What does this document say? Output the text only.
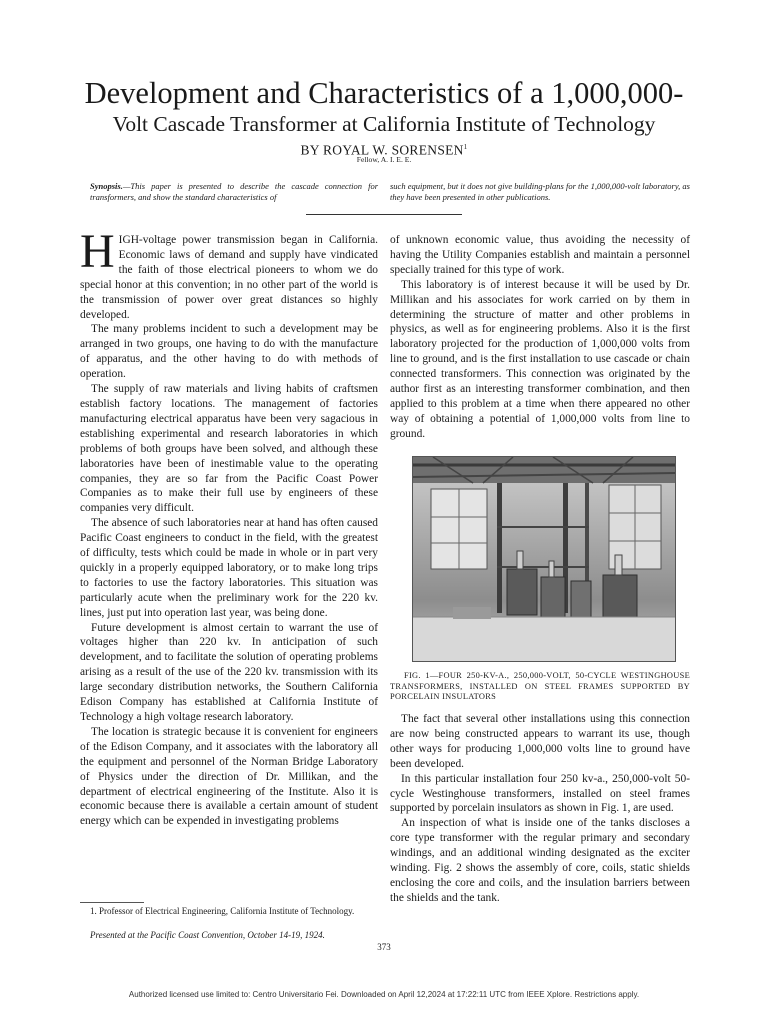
Development and Characteristics of a 1,000,000-
Volt Cascade Transformer at California Institute of Technology
BY ROYAL W. SORENSEN$^1$
Fellow, A. I. E. E.
Synopsis.—This paper is presented to describe the cascade connection for transformers, and show the standard characteristics of
such equipment, but it does not give building-plans for the 1,000,000-volt laboratory, as they have been presented in other publications.

HIGH-voltage power transmission began in California. Economic laws of demand and supply have vindicated the faith of those electrical pioneers to whom we do special honor at this convention; in no other part of the world is the transmission of power over great distances so highly developed.

The many problems incident to such a development may be arranged in two groups, one having to do with the manufacture of apparatus, and the other having to do with methods of operation.

The supply of raw materials and living habits of craftsmen establish factory locations. The management of factories manufacturing electrical apparatus have been very sagacious in establishing experimental and research laboratories in which problems of both groups have been solved, and although these laboratories have been of inestimable value to the operating companies, they are so far from the Pacific Coast Power Companies as to make their full use by engineers of these companies very difficult.

The absence of such laboratories near at hand has often caused Pacific Coast engineers to conduct in the field, with the greatest of difficulty, tests which could be made in whole or in part very quickly in a properly equipped laboratory, or to make long trips to factories to use the factory laboratories. This situation was particularly acute when the preliminary work for the 220 kv. lines, just put into operation last year, was being done.

Future development is almost certain to warrant the use of voltages higher than 220 kv. In anticipation of such development, and to facilitate the solution of operating problems arising as a result of the use of the 220 kv. transmission with its large secondary distribution networks, the Southern California Edison Company has established at California Institute of Technology a high voltage research laboratory.

The location is strategic because it is convenient for engineers of the Edison Company, and it associates with the laboratory all the equipment and personnel of the Norman Bridge Laboratory of Physics under the direction of Dr. Millikan, and the department of electrical engineering of the Institute. Also it is economic because there is available a certain amount of student energy which can be expended in investigating problems

of unknown economic value, thus avoiding the necessity of having the Utility Companies establish and maintain a personnel specially trained for this type of work.

This laboratory is of interest because it will be used by Dr. Millikan and his associates for work carried on by them in determining the structure of matter and other problems in physics, as well as for engineering problems. Also it is the first laboratory projected for the production of 1,000,000 volts from line to ground, and is the first installation to use cascade or chain connected transformers. This connection was originated by the author first as an interesting transformer combination, and then applied to this problem at a time when there appeared no other way of obtaining a potential of 1,000,000 volts from line to ground.

FIG. 1—FOUR 250-KV-A., 250,000-VOLT, 50-CYCLE WESTINGHOUSE TRANSFORMERS, INSTALLED ON STEEL FRAMES SUPPORTED BY PORCELAIN INSULATORS

The fact that several other installations using this connection are now being constructed appears to warrant its use, though other ways for producing 1,000,000 volts line to ground have been developed.

In this particular installation four 250 kv-a., 250,000-volt 50-cycle Westinghouse transformers, installed on steel frames supported by porcelain insulators as shown in Fig. 1, are used.

An inspection of what is inside one of the tanks discloses a core type transformer with the regular primary and secondary windings, and an additional winding designated as the exciter winding. Fig. 2 shows the assembly of core, coils, static shields enclosing the core and coils, and the insulation barriers between the shields and the tank.

1. Professor of Electrical Engineering, California Institute of Technology.
Presented at the Pacific Coast Convention, October 14-19, 1924.
373
Authorized licensed use limited to: Centro Universitario Fei. Downloaded on April 12,2024 at 17:22:11 UTC from IEEE Xplore. Restrictions apply.
